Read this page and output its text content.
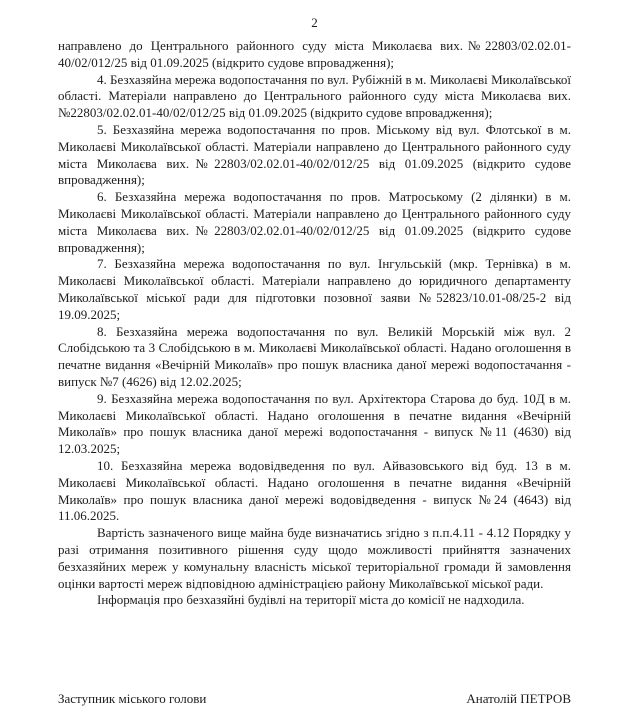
2

направлено до Центрального районного суду міста Миколаєва вих.№22803/02.02.01-40/02/012/25 від 01.09.2025 (відкрито судове впровадження);

4. Безхазяйна мережа водопостачання по вул. Рубіжній в м. Миколаєві Миколаївської області. Матеріали направлено до Центрального районного суду міста Миколаєва вих.№22803/02.02.01-40/02/012/25 від 01.09.2025 (відкрито судове впровадження);

5. Безхазяйна мережа водопостачання по пров. Міському від вул. Флотської в м. Миколаєві Миколаївської області. Матеріали направлено до Центрального районного суду міста Миколаєва вих.№22803/02.02.01-40/02/012/25 від 01.09.2025 (відкрито судове впровадження);

6. Безхазяйна мережа водопостачання по пров. Матроському (2 ділянки) в м. Миколаєві Миколаївської області. Матеріали направлено до Центрального районного суду міста Миколаєва вих.№22803/02.02.01-40/02/012/25 від 01.09.2025 (відкрито судове впровадження);

7. Безхазяйна мережа водопостачання по вул. Інгульській (мкр. Тернівка) в м. Миколаєві Миколаївської області. Матеріали направлено до юридичного департаменту Миколаївської міської ради для підготовки позовної заяви №52823/10.01-08/25-2 від 19.09.2025;

8. Безхазяйна мережа водопостачання по вул. Великій Морській між вул. 2 Слобідською та 3 Слобідською в м. Миколаєві Миколаївської області. Надано оголошення в печатне видання «Вечірній Миколаїв» про пошук власника даної мережі водопостачання - випуск №7 (4626) від 12.02.2025;

9. Безхазяйна мережа водопостачання по вул. Архітектора Старова до буд. 10Д в м. Миколаєві Миколаївської області. Надано оголошення в печатне видання «Вечірній Миколаїв» про пошук власника даної мережі водопостачання - випуск №11 (4630) від 12.03.2025;

10. Безхазяйна мережа водовідведення по вул. Айвазовського від буд. 13 в м. Миколаєві Миколаївської області. Надано оголошення в печатне видання «Вечірній Миколаїв» про пошук власника даної мережі водовідведення - випуск №24 (4643) від 11.06.2025.

Вартість зазначеного вище майна буде визначатись згідно з п.п.4.11 - 4.12 Порядку у разі отримання позитивного рішення суду щодо можливості прийняття зазначених безхазяйних мереж у комунальну власність міської територіальної громади й замовлення оцінки вартості мереж відповідною адміністрацією району Миколаївської міської ради.

Інформація про безхазяйні будівлі на території міста до комісії не надходила.

Заступник міського голови	Анатолій ПЕТРОВ
